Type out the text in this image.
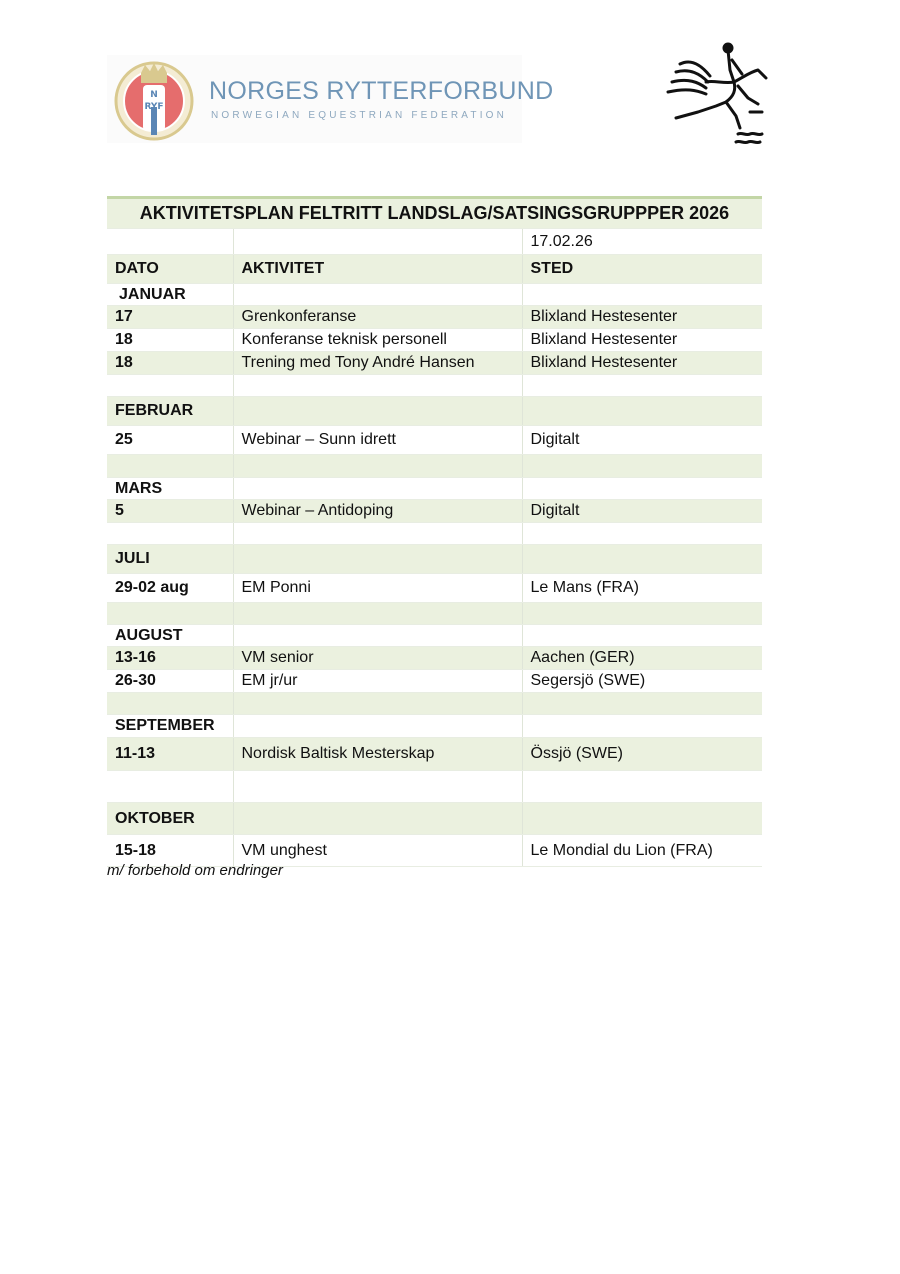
N
RYF
NORGES RYTTERFORBUND
NORWEGIAN EQUESTRIAN FEDERATION
AKTIVITETSPLAN FELTRITT LANDSLAG/SATSINGSGRUPPPER 2026		
		17.02.26
DATO	AKTIVITET	STED
JANUAR		
17	Grenkonferanse	Blixland Hestesenter
18	Konferanse teknisk personell	Blixland Hestesenter
18	Trening med Tony André Hansen	Blixland Hestesenter

FEBRUAR		
25	Webinar – Sunn idrett	Digitalt

MARS		
5	Webinar – Antidoping	Digitalt

JULI		
29-02 aug	EM Ponni	Le Mans (FRA)

AUGUST		
13-16	VM senior	Aachen (GER)
26-30	EM jr/ur	Segersjö (SWE)

SEPTEMBER		
11-13	Nordisk Baltisk Mesterskap	Össjö (SWE)

OKTOBER		
15-18	VM unghest	Le Mondial du Lion (FRA)
m/ forbehold om endringer
